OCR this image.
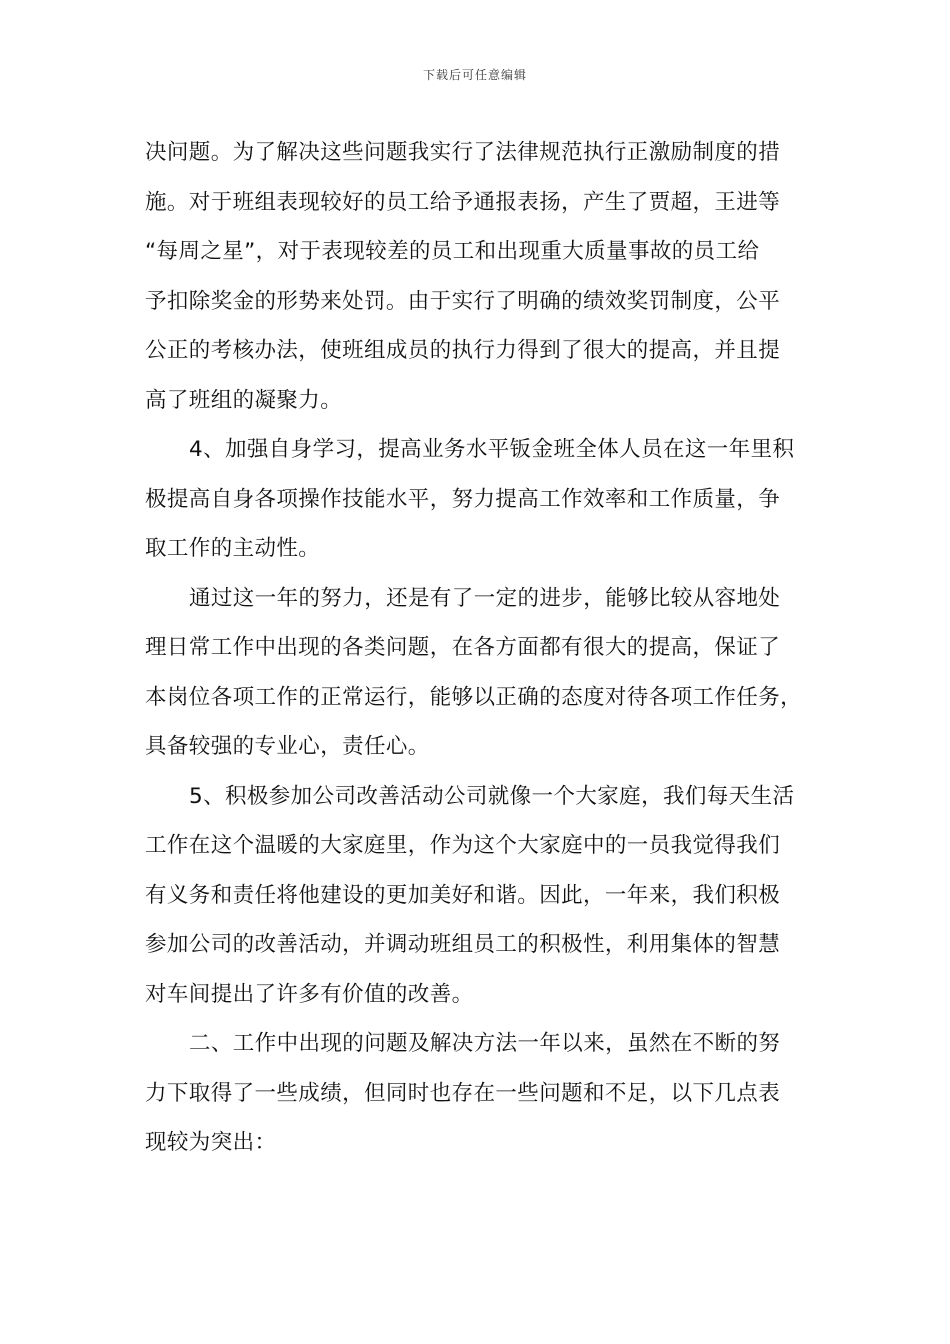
下载后可任意编辑
决问题。为了解决这些问题我实行了法律规范执行正激励制度的措
施。对于班组表现较好的员工给予通报表扬，产生了贾超，王进等
“每周之星”，对于表现较差的员工和出现重大质量事故的员工给
予扣除奖金的形势来处罚。由于实行了明确的绩效奖罚制度，公平
公正的考核办法，使班组成员的执行力得到了很大的提高，并且提
高了班组的凝聚力。
4、加强自身学习，提高业务水平钣金班全体人员在这一年里积
极提高自身各项操作技能水平，努力提高工作效率和工作质量，争
取工作的主动性。
通过这一年的努力，还是有了一定的进步，能够比较从容地处
理日常工作中出现的各类问题，在各方面都有很大的提高，保证了
本岗位各项工作的正常运行，能够以正确的态度对待各项工作任务，
具备较强的专业心，责任心。
5、积极参加公司改善活动公司就像一个大家庭，我们每天生活
工作在这个温暖的大家庭里，作为这个大家庭中的一员我觉得我们
有义务和责任将他建设的更加美好和谐。因此，一年来，我们积极
参加公司的改善活动，并调动班组员工的积极性，利用集体的智慧
对车间提出了许多有价值的改善。
二、工作中出现的问题及解决方法一年以来，虽然在不断的努
力下取得了一些成绩，但同时也存在一些问题和不足，以下几点表
现较为突出：
